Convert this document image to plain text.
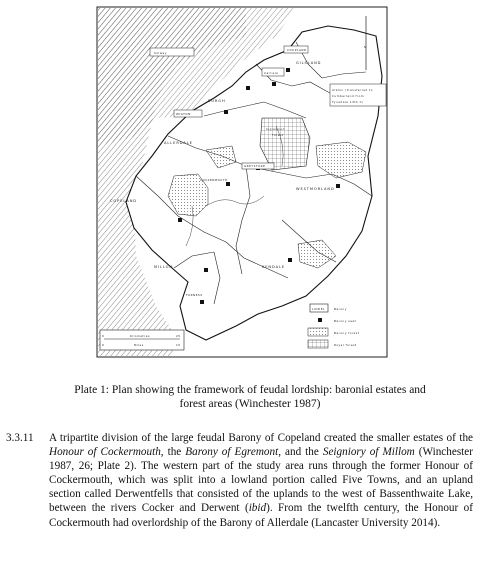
Solway
COUPLAND
GILSLAND
BURGH
WIGTON
ALLERDALE
COCKERMOUTH
GREYSTOKE
COPELAND
WESTMORLAND
KENDALE
MILLOM
FURNESS
Carlisle
Inglewood
Forest
Alston (transferred to
Cumberland from
Tynedale 13th C)
N
LIDDEL	Barony
Barony seat
Barony forest
Royal forest
0	Kilometres	25
0	Miles	15
Plate 1: Plan showing the framework of feudal lordship: baronial estates and
forest areas (Winchester 1987)
3.3.11 A tripartite division of the large feudal Barony of Copeland created the smaller estates of the Honour of Cockermouth, the Barony of Egremont, and the Seigniory of Millom (Winchester 1987, 26; Plate 2). The western part of the study area runs through the former Honour of Cockermouth, which was split into a lowland portion called Five Towns, and an upland section called Derwentfells that consisted of the uplands to the west of Bassenthwaite Lake, between the rivers Cocker and Derwent (ibid). From the twelfth century, the Honour of Cockermouth had overlordship of the Barony of Allerdale (Lancaster University 2014).
